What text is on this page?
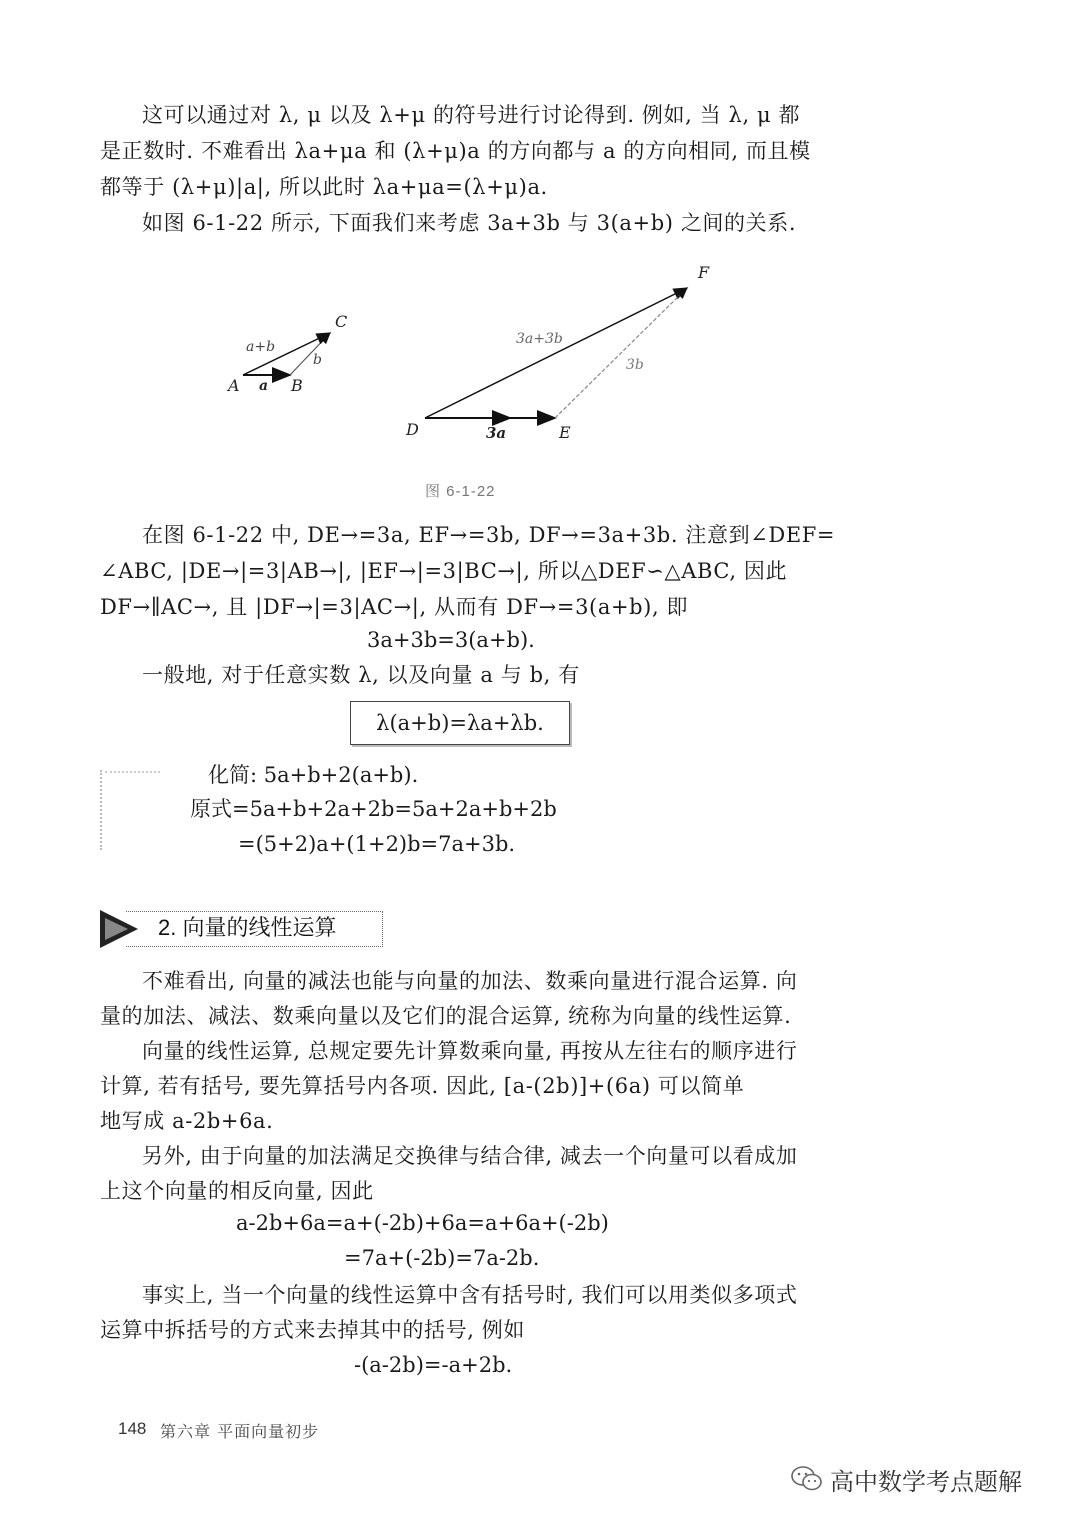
这可以通过对 λ, μ 以及 λ+μ 的符号进行讨论得到. 例如, 当 λ, μ 都
是正数时. 不难看出 λa+μa 和 (λ+μ)a 的方向都与 a 的方向相同, 而且模
都等于 (λ+μ)|a|, 所以此时 λa+μa=(λ+μ)a.
如图 6-1-22 所示, 下面我们来考虑 3a+3b 与 3(a+b) 之间的关系.
a+b
C
b
A a B
F
3a+3b
3b
D	3a	E
图 6-1-22
在图 6-1-22 中, DE→=3a, EF→=3b, DF→=3a+3b. 注意到∠DEF=
∠ABC, |DE→|=3|AB→|, |EF→|=3|BC→|, 所以△DEF∽△ABC, 因此
DF→∥AC→, 且 |DF→|=3|AC→|, 从而有 DF→=3(a+b), 即
3a+3b=3(a+b).
一般地, 对于任意实数 λ, 以及向量 a 与 b, 有
λ(a+b)=λa+λb.
化简: 5a+b+2(a+b).
原式=5a+b+2a+2b=5a+2a+b+2b
=(5+2)a+(1+2)b=7a+3b.
2. 向量的线性运算
不难看出, 向量的减法也能与向量的加法、数乘向量进行混合运算. 向
量的加法、减法、数乘向量以及它们的混合运算, 统称为向量的线性运算.
向量的线性运算, 总规定要先计算数乘向量, 再按从左往右的顺序进行
计算, 若有括号, 要先算括号内各项. 因此, [a-(2b)]+(6a) 可以简单
地写成 a-2b+6a.
另外, 由于向量的加法满足交换律与结合律, 减去一个向量可以看成加
上这个向量的相反向量, 因此
a-2b+6a=a+(-2b)+6a=a+6a+(-2b)
=7a+(-2b)=7a-2b.
事实上, 当一个向量的线性运算中含有括号时, 我们可以用类似多项式
运算中拆括号的方式来去掉其中的括号, 例如
-(a-2b)=-a+2b.
148 第六章 平面向量初步
高中数学考点题解
